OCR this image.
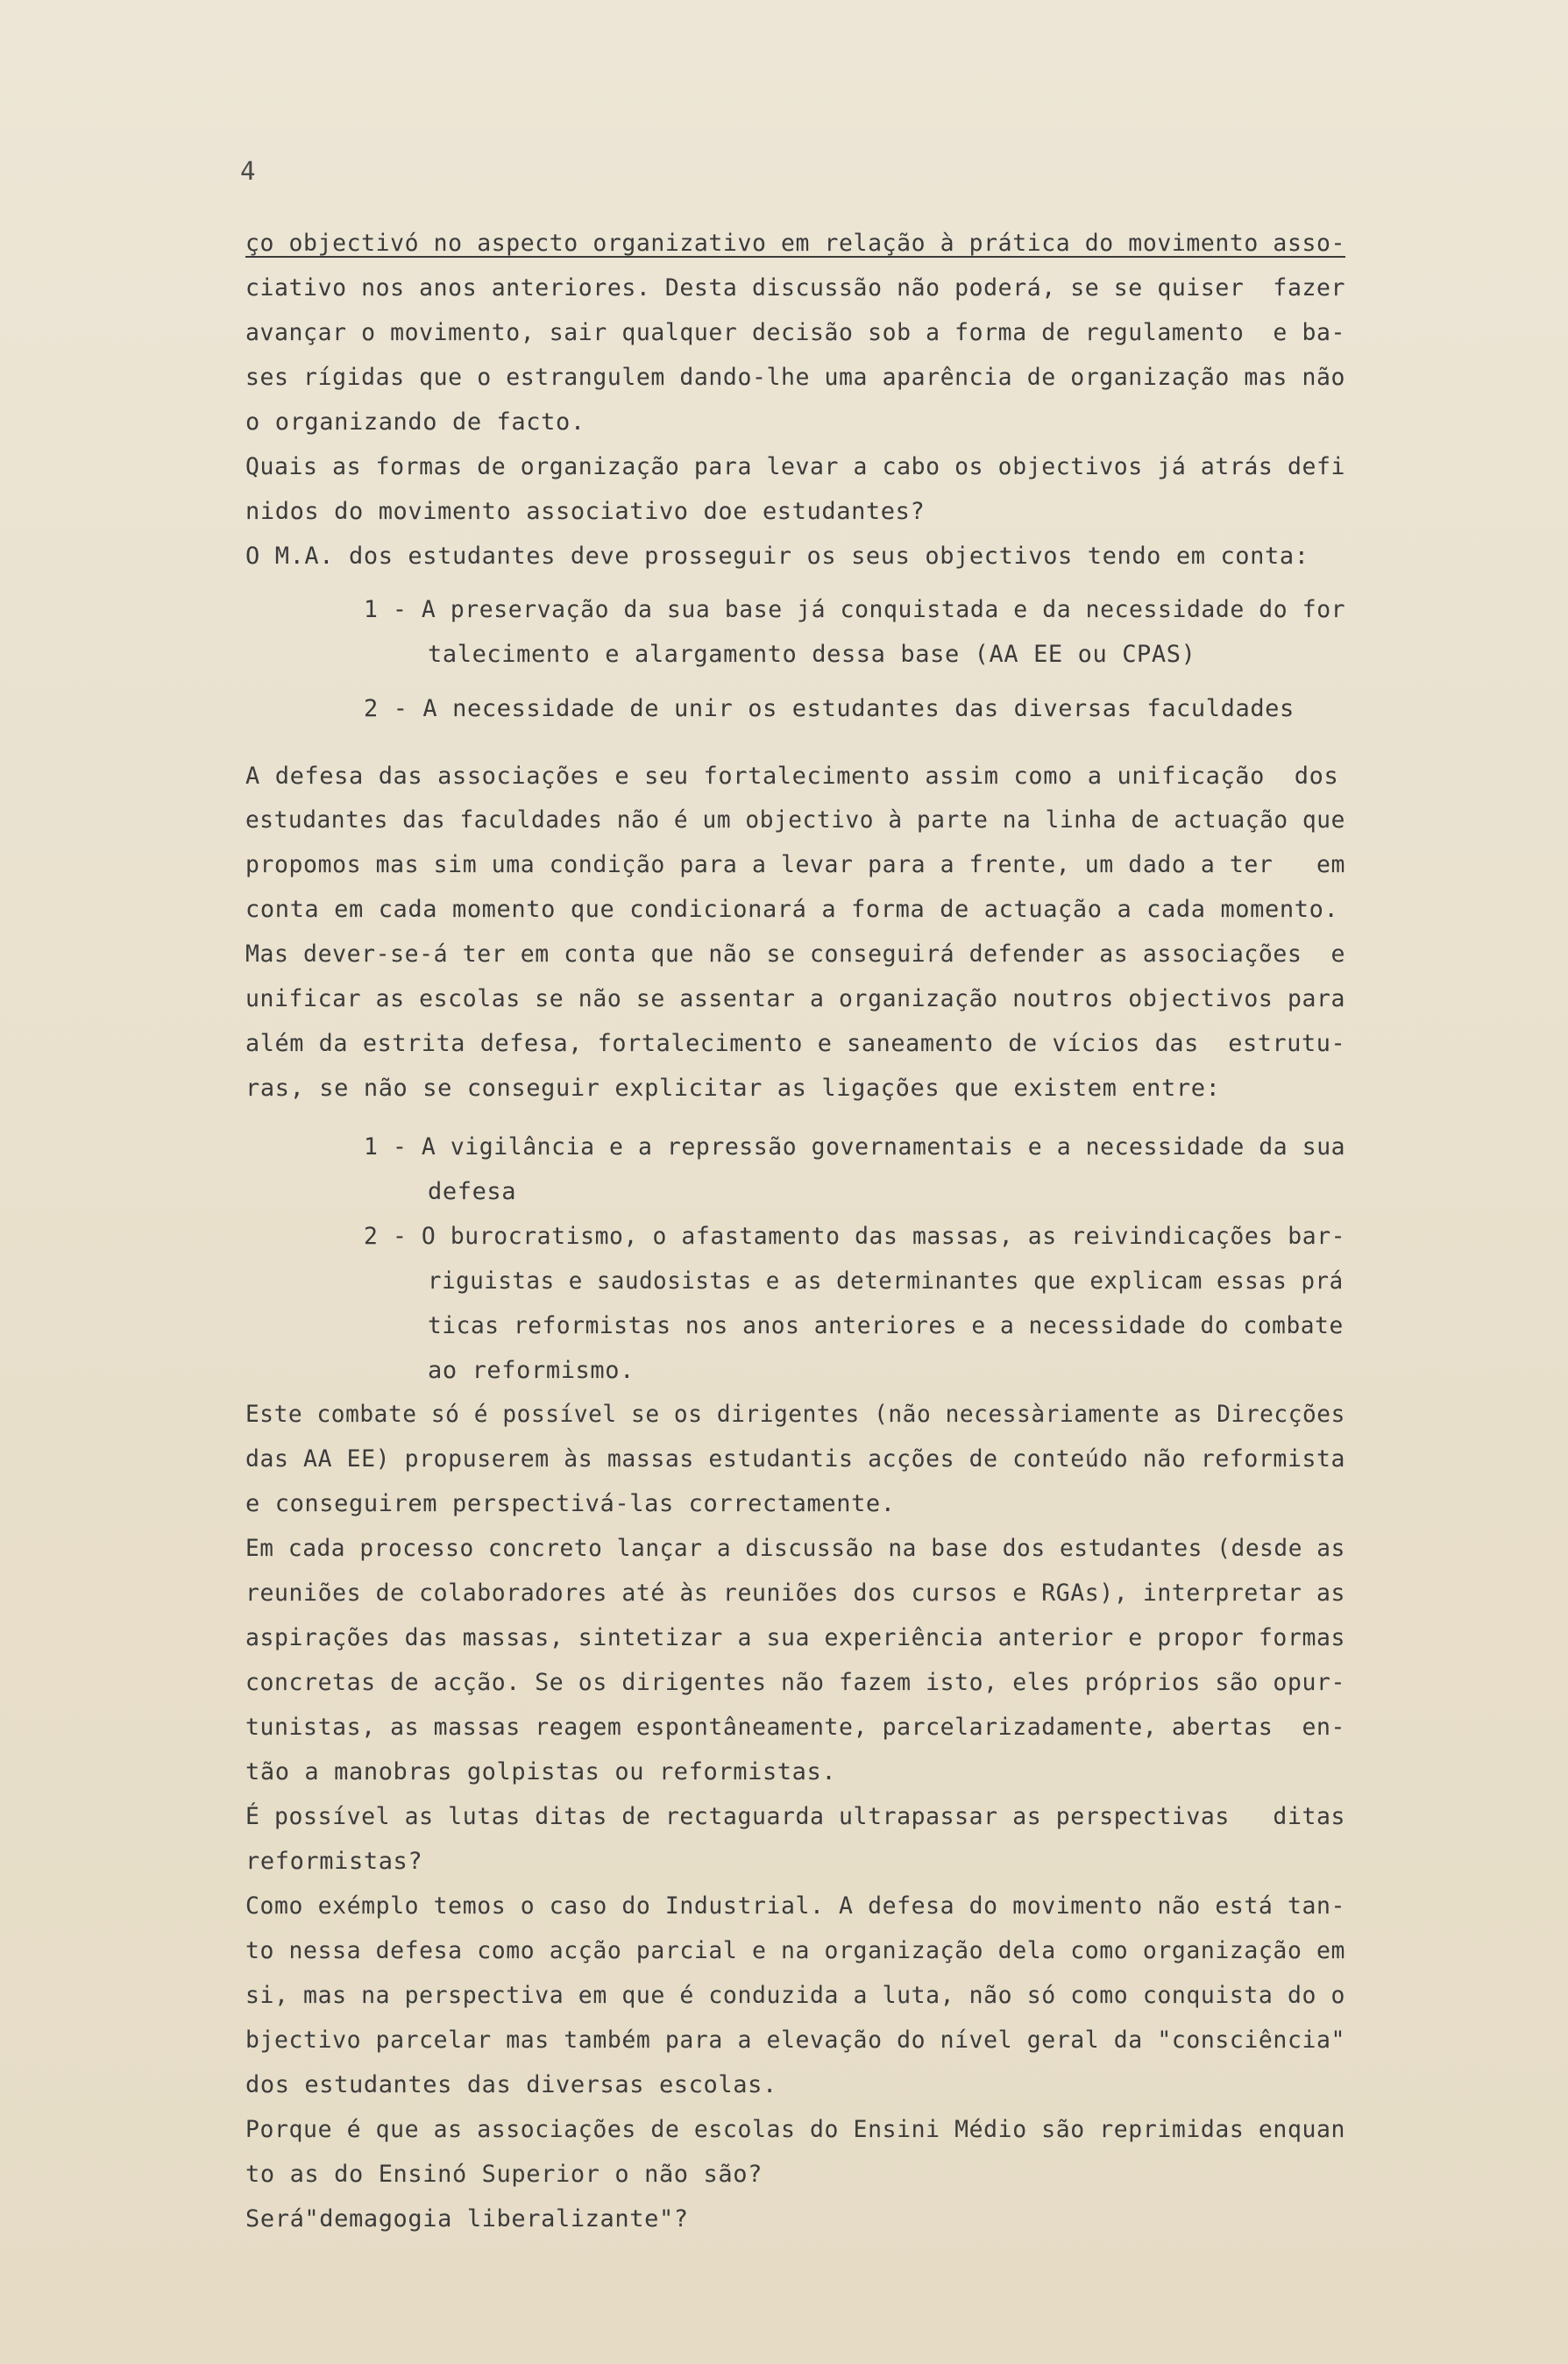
4
ço objectivó no aspecto organizativo em relação à prática do movimento asso-
ciativo nos anos anteriores. Desta discussão não poderá, se se quiser  fazer
avançar o movimento, sair qualquer decisão sob a forma de regulamento  e ba-
ses rígidas que o estrangulem dando-lhe uma aparência de organização mas não
o organizando de facto.
Quais as formas de organização para levar a cabo os objectivos já atrás defi
nidos do movimento associativo doe estudantes?
O M.A. dos estudantes deve prosseguir os seus objectivos tendo em conta:
1 - A preservação da sua base já conquistada e da necessidade do for
talecimento e alargamento dessa base (AA EE ou CPAS)
2 - A necessidade de unir os estudantes das diversas faculdades
A defesa das associações e seu fortalecimento assim como a unificação  dos
estudantes das faculdades não é um objectivo à parte na linha de actuação que
propomos mas sim uma condição para a levar para a frente, um dado a ter   em
conta em cada momento que condicionará a forma de actuação a cada momento.
Mas dever-se-á ter em conta que não se conseguirá defender as associações  e
unificar as escolas se não se assentar a organização noutros objectivos para
além da estrita defesa, fortalecimento e saneamento de vícios das  estrutu-
ras, se não se conseguir explicitar as ligações que existem entre:
1 - A vigilância e a repressão governamentais e a necessidade da sua
defesa
2 - O burocratismo, o afastamento das massas, as reivindicações bar-
riguistas e saudosistas e as determinantes que explicam essas prá
ticas reformistas nos anos anteriores e a necessidade do combate
ao reformismo.
Este combate só é possível se os dirigentes (não necessàriamente as Direcções
das AA EE) propuserem às massas estudantis acções de conteúdo não reformista
e conseguirem perspectivá-las correctamente.
Em cada processo concreto lançar a discussão na base dos estudantes (desde as
reuniões de colaboradores até às reuniões dos cursos e RGAs), interpretar as
aspirações das massas, sintetizar a sua experiência anterior e propor formas
concretas de acção. Se os dirigentes não fazem isto, eles próprios são opur-
tunistas, as massas reagem espontâneamente, parcelarizadamente, abertas  en-
tão a manobras golpistas ou reformistas.
É possível as lutas ditas de rectaguarda ultrapassar as perspectivas   ditas
reformistas?
Como exémplo temos o caso do Industrial. A defesa do movimento não está tan-
to nessa defesa como acção parcial e na organização dela como organização em
si, mas na perspectiva em que é conduzida a luta, não só como conquista do o
bjectivo parcelar mas também para a elevação do nível geral da "consciência"
dos estudantes das diversas escolas.
Porque é que as associações de escolas do Ensini Médio são reprimidas enquan
to as do Ensinó Superior o não são?
Será"demagogia liberalizante"?
